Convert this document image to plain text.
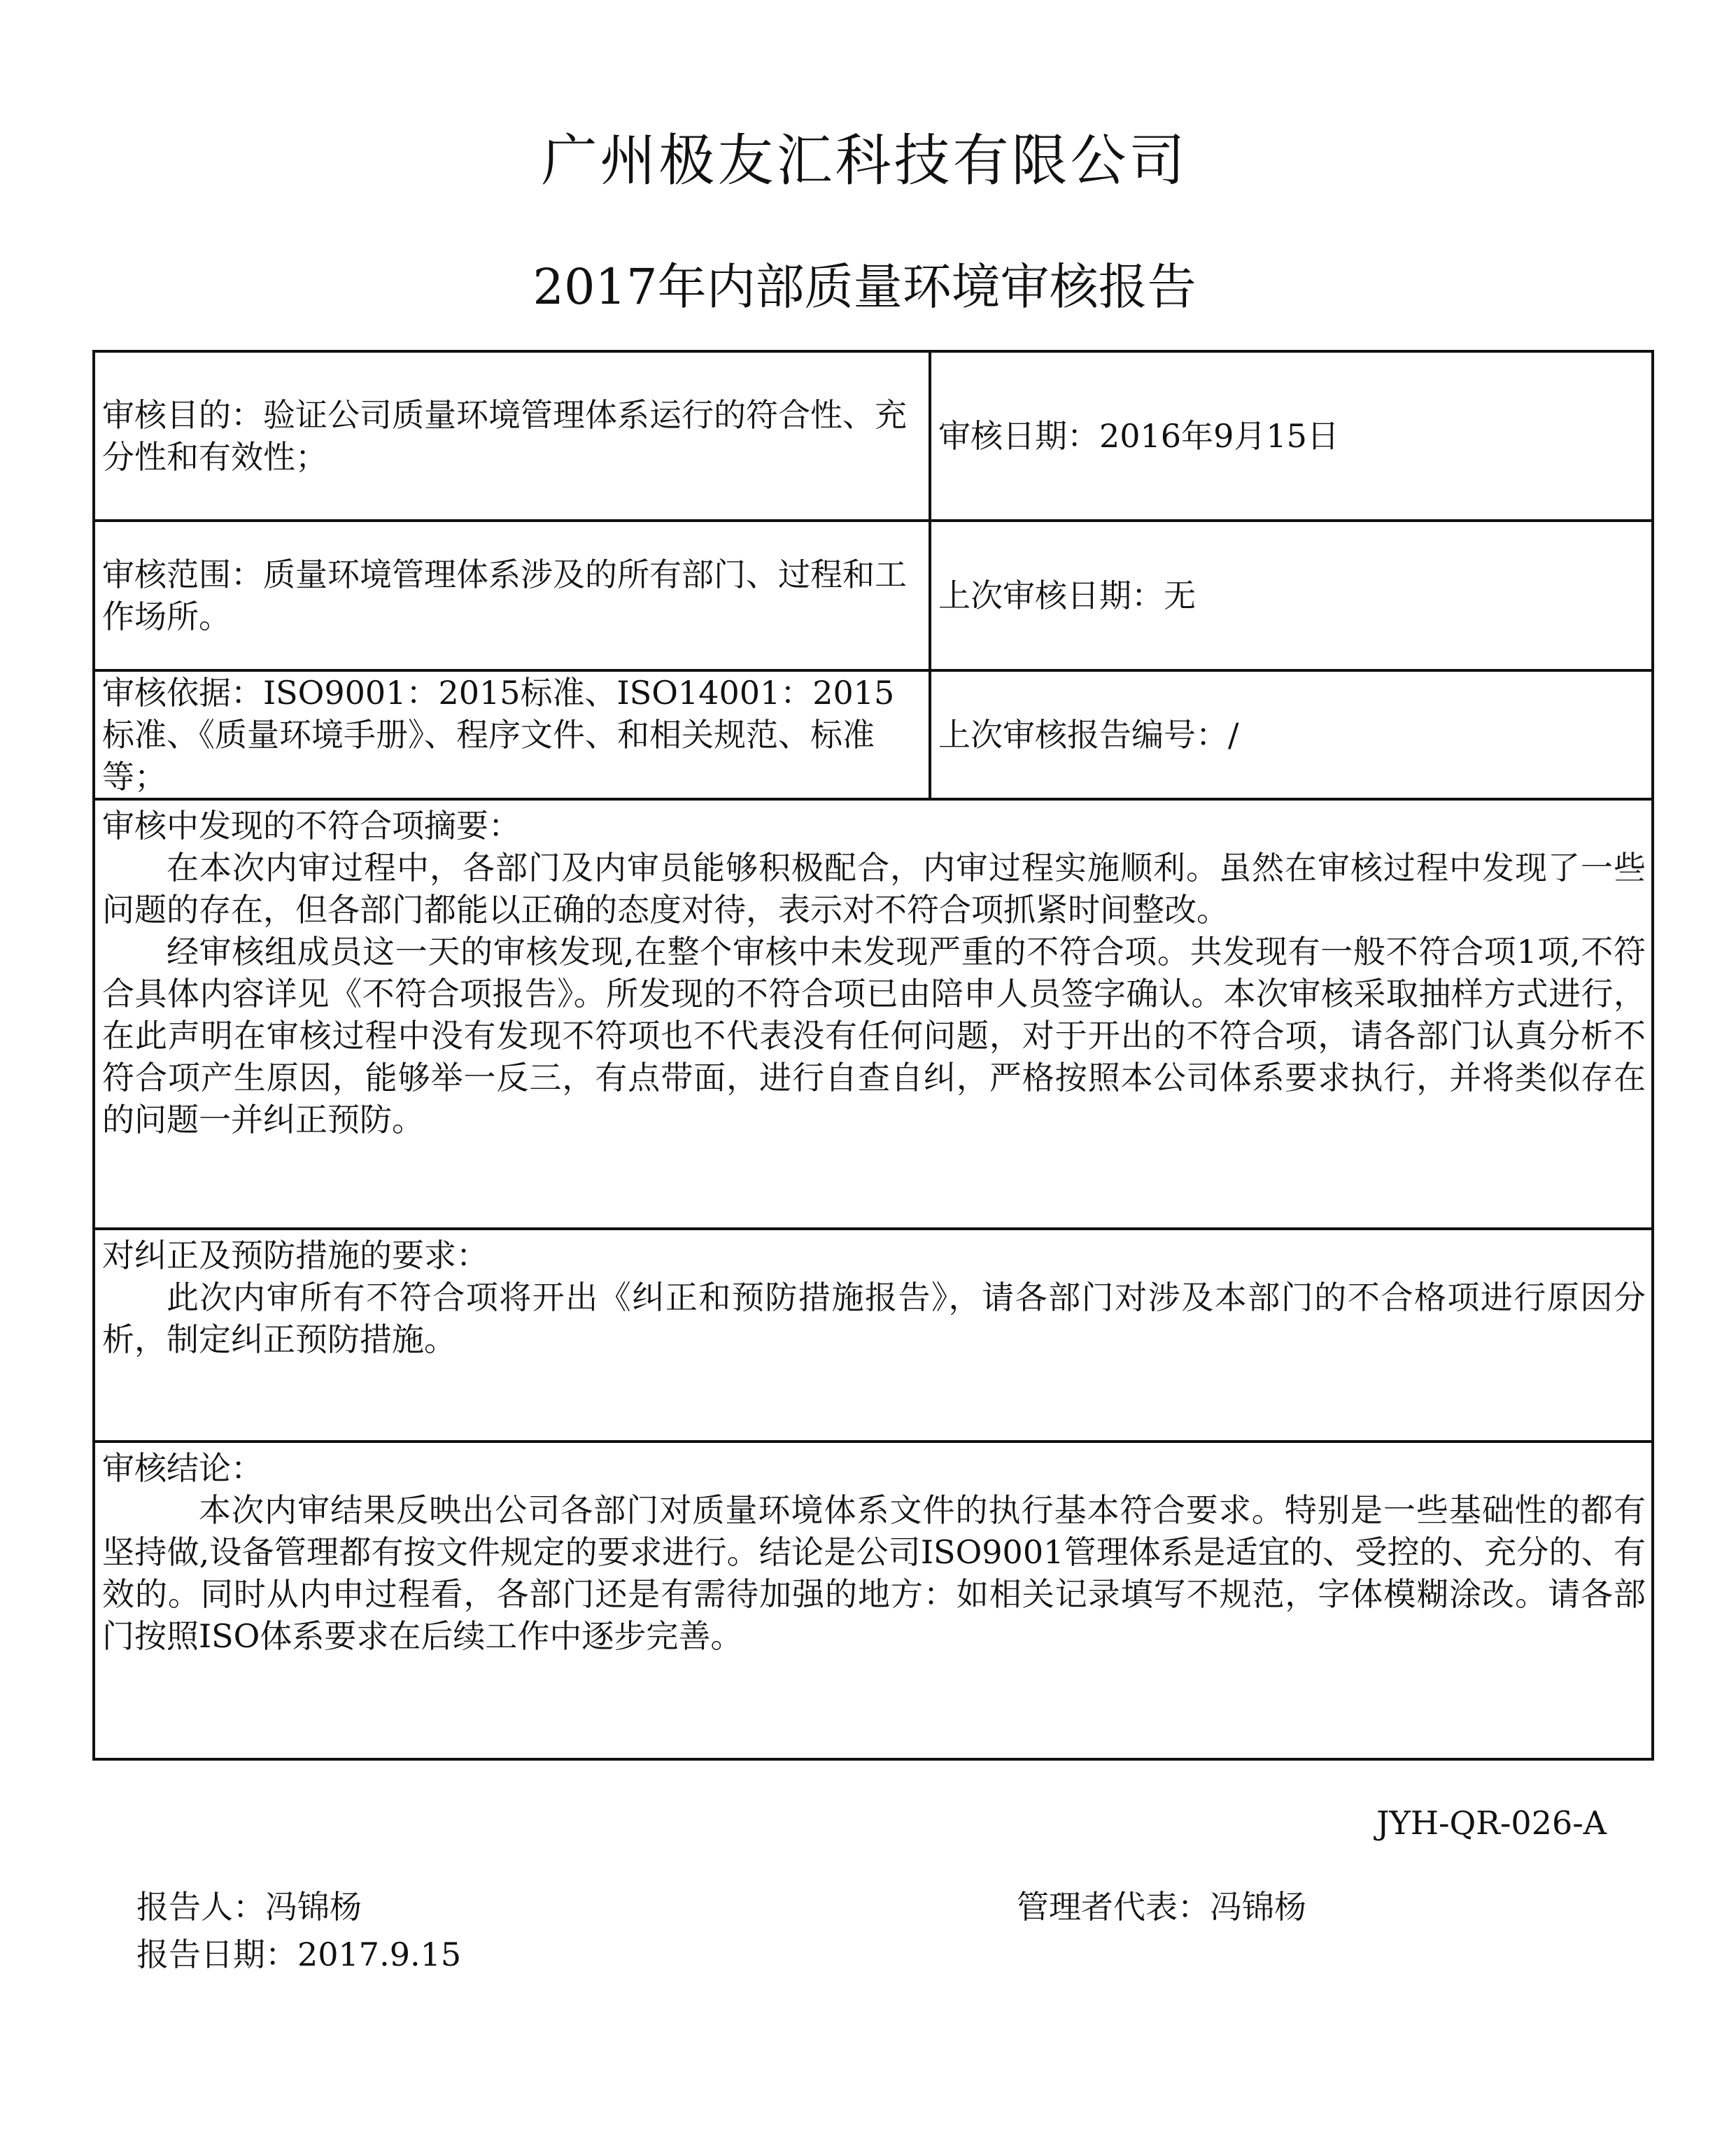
广州极友汇科技有限公司
2017年内部质量环境审核报告
审核目的：验证公司质量环境管理体系运行的符合性、充分性和有效性；
审核日期：2016年9月15日
审核范围：质量环境管理体系涉及的所有部门、过程和工作场所。
上次审核日期：无
审核依据：ISO9001：2015标准、ISO14001：2015标准、《质量环境手册》、程序文件、和相关规范、标准等；
上次审核报告编号：/
审核中发现的不符合项摘要：
在本次内审过程中，各部门及内审员能够积极配合，内审过程实施顺利。虽然在审核过程中发现了一些问题的存在，但各部门都能以正确的态度对待，表示对不符合项抓紧时间整改。
经审核组成员这一天的审核发现,在整个审核中未发现严重的不符合项。共发现有一般不符合项1项,不符合具体内容详见《不符合项报告》。所发现的不符合项已由陪申人员签字确认。本次审核采取抽样方式进行，在此声明在审核过程中没有发现不符项也不代表没有任何问题，对于开出的不符合项，请各部门认真分析不符合项产生原因，能够举一反三，有点带面，进行自查自纠，严格按照本公司体系要求执行，并将类似存在的问题一并纠正预防。
对纠正及预防措施的要求：
此次内审所有不符合项将开出《纠正和预防措施报告》，请各部门对涉及本部门的不合格项进行原因分析，制定纠正预防措施。
审核结论：
本次内审结果反映出公司各部门对质量环境体系文件的执行基本符合要求。特别是一些基础性的都有坚持做,设备管理都有按文件规定的要求进行。结论是公司ISO9001管理体系是适宜的、受控的、充分的、有效的。同时从内申过程看，各部门还是有需待加强的地方：如相关记录填写不规范，字体模糊涂改。请各部门按照ISO体系要求在后续工作中逐步完善。
JYH-QR-026-A
报告人：冯锦杨
报告日期：2017.9.15
管理者代表：冯锦杨
